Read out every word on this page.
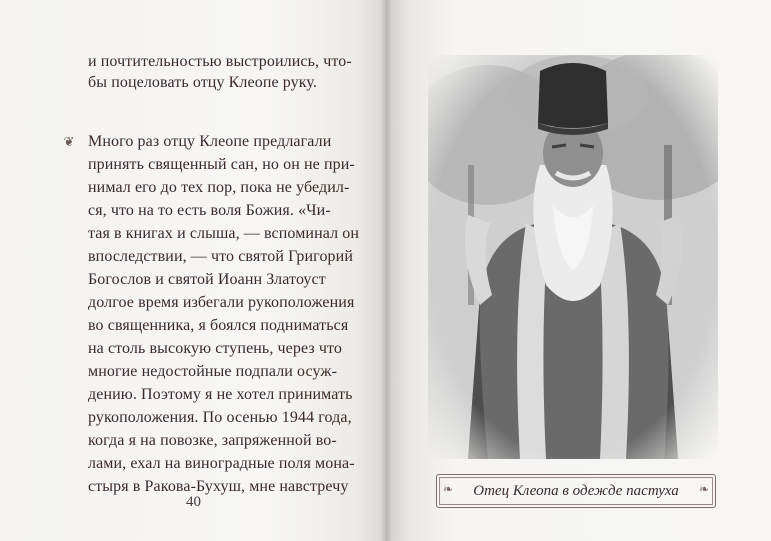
и почтительностью выстроились, что-
бы поцеловать отцу Клеопе руку.
Много раз отцу Клеопе предлагали
принять священный сан, но он не при-
нимал его до тех пор, пока не убедил-
ся, что на то есть воля Божия. «Чи-
тая в книгах и слыша, — вспоминал он
впоследствии, — что святой Григорий
Богослов и святой Иоанн Златоуст
долгое время избегали рукоположения
во священника, я боялся подниматься
на столь высокую ступень, через что
многие недостойные подпали осуж-
дению. Поэтому я не хотел принимать
рукоположения. По осенью 1944 года,
когда я на повозке, запряженной во-
лами, ехал на виноградные поля мона-
стыря в Ракова-Бухуш, мне навстречу
❦
40
❧ Отец Клеопа в одежде пастуха ❧
